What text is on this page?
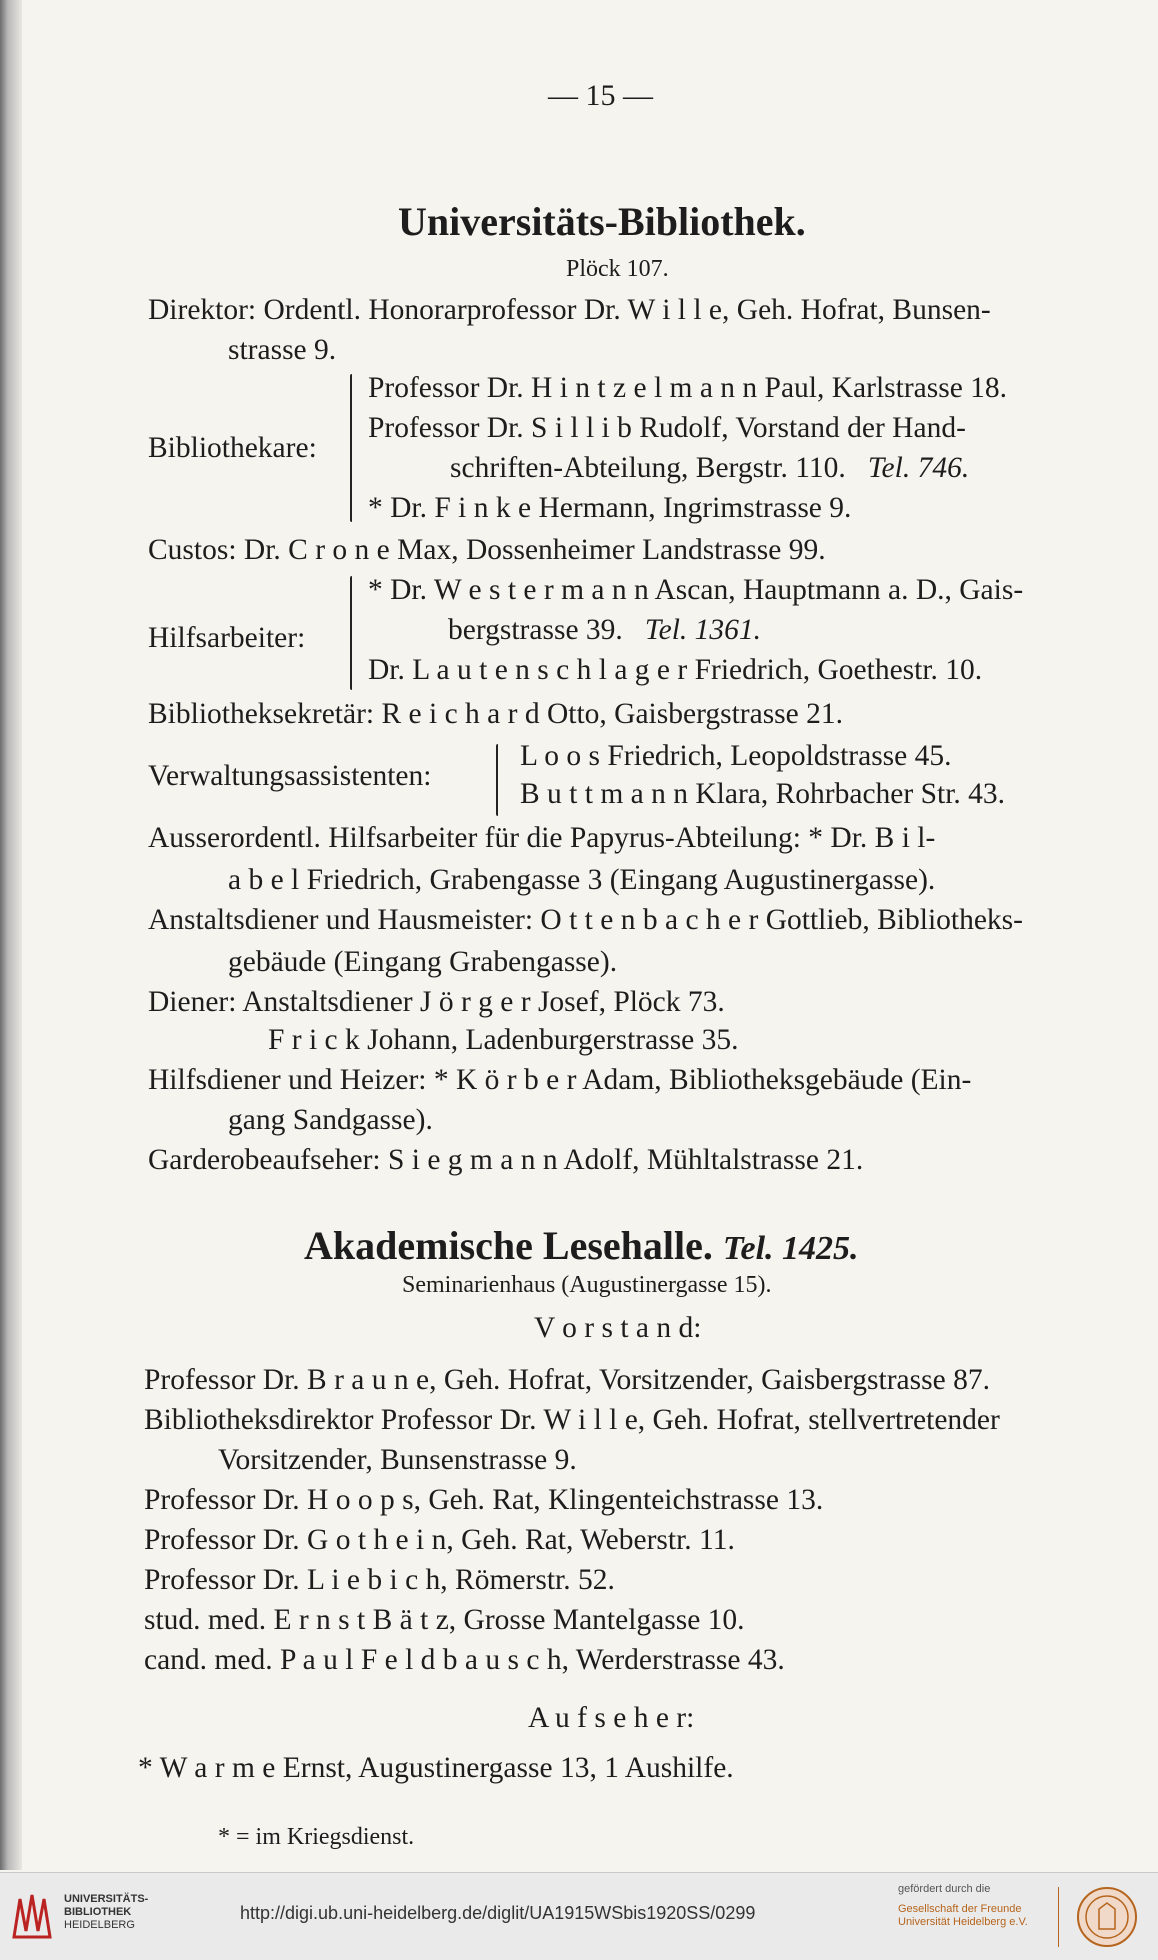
— 15 —
Universitäts-Bibliothek.
Plöck 107.
Direktor: Ordentl. Honorarprofessor Dr. W i l l e, Geh. Hofrat, Bunsen-
strasse 9.
Bibliothekare:
Professor Dr. H i n t z e l m a n n Paul, Karlstrasse 18.
Professor Dr. S i l l i b Rudolf, Vorstand der Hand-
schriften-Abteilung, Bergstr. 110. Tel. 746.
* Dr. F i n k e Hermann, Ingrimstrasse 9.
Custos: Dr. C r o n e Max, Dossenheimer Landstrasse 99.
Hilfsarbeiter:
* Dr. W e s t e r m a n n Ascan, Hauptmann a. D., Gais-
bergstrasse 39. Tel. 1361.
Dr. L a u t e n s c h l a g e r Friedrich, Goethestr. 10.
Bibliotheksekretär: R e i c h a r d Otto, Gaisbergstrasse 21.
Verwaltungsassistenten:
L o o s Friedrich, Leopoldstrasse 45.
B u t t m a n n Klara, Rohrbacher Str. 43.
Ausserordentl. Hilfsarbeiter für die Papyrus-Abteilung: * Dr. B i l-
a b e l Friedrich, Grabengasse 3 (Eingang Augustinergasse).
Anstaltsdiener und Hausmeister: O t t e n b a c h e r Gottlieb, Bibliotheks-
gebäude (Eingang Grabengasse).
Diener: Anstaltsdiener J ö r g e r Josef, Plöck 73.
F r i c k Johann, Ladenburgerstrasse 35.
Hilfsdiener und Heizer: * K ö r b e r Adam, Bibliotheksgebäude (Ein-
gang Sandgasse).
Garderobeaufseher: S i e g m a n n Adolf, Mühltalstrasse 21.
Akademische Lesehalle. Tel. 1425.
Seminarienhaus (Augustinergasse 15).
V o r s t a n d:
Professor Dr. B r a u n e, Geh. Hofrat, Vorsitzender, Gaisbergstrasse 87.
Bibliotheksdirektor Professor Dr. W i l l e, Geh. Hofrat, stellvertretender
Vorsitzender, Bunsenstrasse 9.
Professor Dr. H o o p s, Geh. Rat, Klingenteichstrasse 13.
Professor Dr. G o t h e i n, Geh. Rat, Weberstr. 11.
Professor Dr. L i e b i c h, Römerstr. 52.
stud. med. E r n s t B ä t z, Grosse Mantelgasse 10.
cand. med. P a u l F e l d b a u s c h, Werderstrasse 43.
A u f s e h e r:
* W a r m e Ernst, Augustinergasse 13, 1 Aushilfe.
* = im Kriegsdienst.
UNIVERSITÄTS-
BIBLIOTHEK
HEIDELBERG
http://digi.ub.uni-heidelberg.de/diglit/UA1915WSbis1920SS/0299
gefördert durch die
Gesellschaft der Freunde
Universität Heidelberg e.V.
